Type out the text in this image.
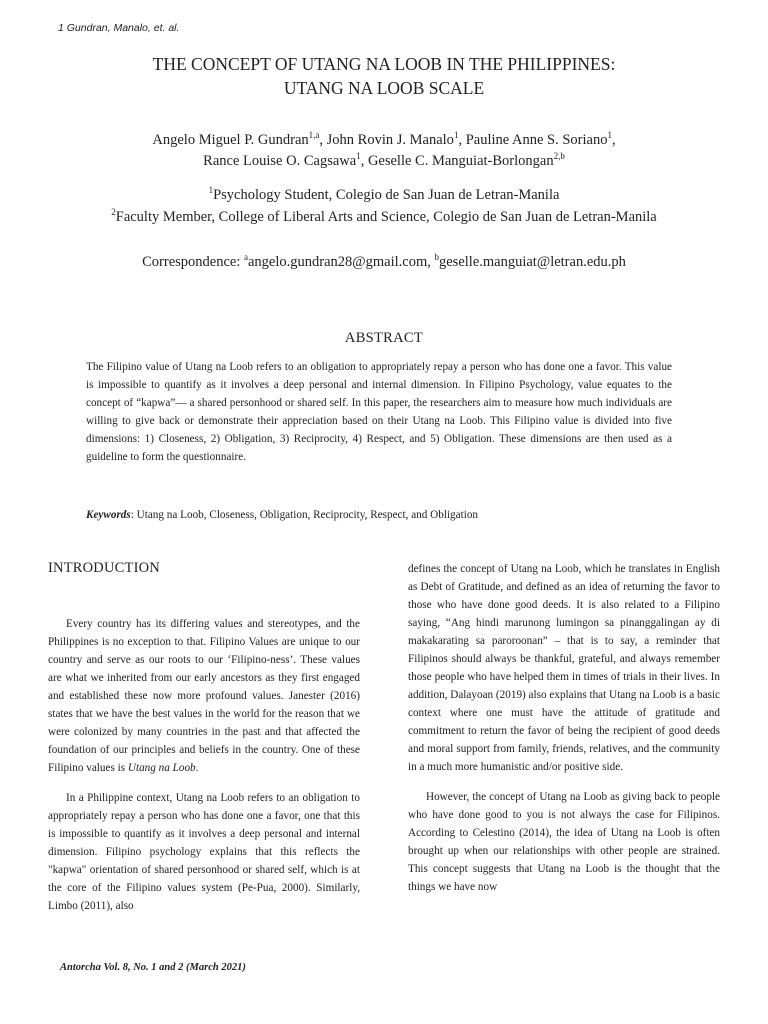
1 Gundran, Manalo, et. al.
THE CONCEPT OF UTANG NA LOOB IN THE PHILIPPINES:
UTANG NA LOOB SCALE
Angelo Miguel P. Gundran$^{1,a}$, John Rovin J. Manalo$^1$, Pauline Anne S. Soriano$^1$,
Rance Louise O. Cagsawa$^1$, Geselle C. Manguiat-Borlongan$^{2,b}$
$^1$Psychology Student, Colegio de San Juan de Letran-Manila
$^2$Faculty Member, College of Liberal Arts and Science, Colegio de San Juan de Letran-Manila
Correspondence: $^a$angelo.gundran28@gmail.com, $^b$geselle.manguiat@letran.edu.ph
ABSTRACT
The Filipino value of Utang na Loob refers to an obligation to appropriately repay a person who has done one a favor. This value is impossible to quantify as it involves a deep personal and internal dimension. In Filipino Psychology, value equates to the concept of “kapwa”— a shared personhood or shared self. In this paper, the researchers aim to measure how much individuals are willing to give back or demonstrate their appreciation based on their Utang na Loob. This Filipino value is divided into five dimensions: 1) Closeness, 2) Obligation, 3) Reciprocity, 4) Respect, and 5) Obligation. These dimensions are then used as a guideline to form the questionnaire.
Keywords: Utang na Loob, Closeness, Obligation, Reciprocity, Respect, and Obligation
INTRODUCTION

Every country has its differing values and stereotypes, and the Philippines is no exception to that. Filipino Values are unique to our country and serve as our roots to our ‘Filipino-ness’. These values are what we inherited from our early ancestors as they first engaged and established these now more profound values. Janester (2016) states that we have the best values in the world for the reason that we were colonized by many countries in the past and that affected the foundation of our principles and beliefs in the country. One of these Filipino values is Utang na Loob.

In a Philippine context, Utang na Loob refers to an obligation to appropriately repay a person who has done one a favor, one that this is impossible to quantify as it involves a deep personal and internal dimension. Filipino psychology explains that this reflects the "kapwa" orientation of shared personhood or shared self, which is at the core of the Filipino values system (Pe-Pua, 2000). Similarly, Limbo (2011), also

defines the concept of Utang na Loob, which he translates in English as Debt of Gratitude, and defined as an idea of returning the favor to those who have done good deeds. It is also related to a Filipino saying, “Ang hindi marunong lumingon sa pinanggalingan ay di makakarating sa paroroonan” – that is to say, a reminder that Filipinos should always be thankful, grateful, and always remember those people who have helped them in times of trials in their lives. In addition, Dalayoan (2019) also explains that Utang na Loob is a basic context where one must have the attitude of gratitude and commitment to return the favor of being the recipient of good deeds and moral support from family, friends, relatives, and the community in a much more humanistic and/or positive side.

However, the concept of Utang na Loob as giving back to people who have done good to you is not always the case for Filipinos. According to Celestino (2014), the idea of Utang na Loob is often brought up when our relationships with other people are strained. This concept suggests that Utang na Loob is the thought that the things we have now

Antorcha Vol. 8, No. 1 and 2 (March 2021)
